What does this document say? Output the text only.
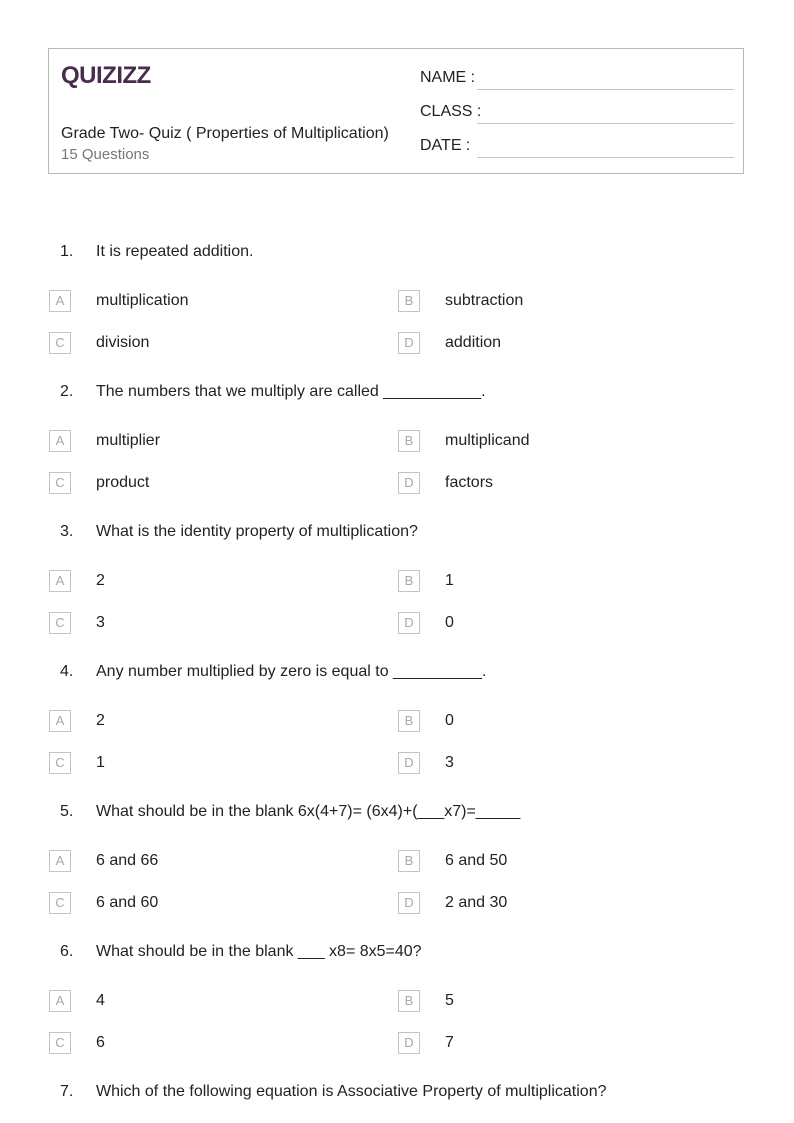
QUIZIZZ
Grade Two- Quiz ( Properties of Multiplication)
15 Questions
NAME :
CLASS :
DATE :
1. It is repeated addition.
A	multiplication	B	subtraction
C	division	D	addition
2. The numbers that we multiply are called ___________.
A	multiplier	B	multiplicand
C	product	D	factors
3. What is the identity property of multiplication?
A	2	B	1
C	3	D	0
4. Any number multiplied by zero is equal to __________.
A	2	B	0
C	1	D	3
5. What should be in the blank 6x(4+7)= (6x4)+(___x7)=_____
A	6 and 66	B	6 and 50
C	6 and 60	D	2 and 30
6. What should be in the blank ___ x8= 8x5=40?
A	4	B	5
C	6	D	7
7. Which of the following equation is Associative Property of multiplication?
